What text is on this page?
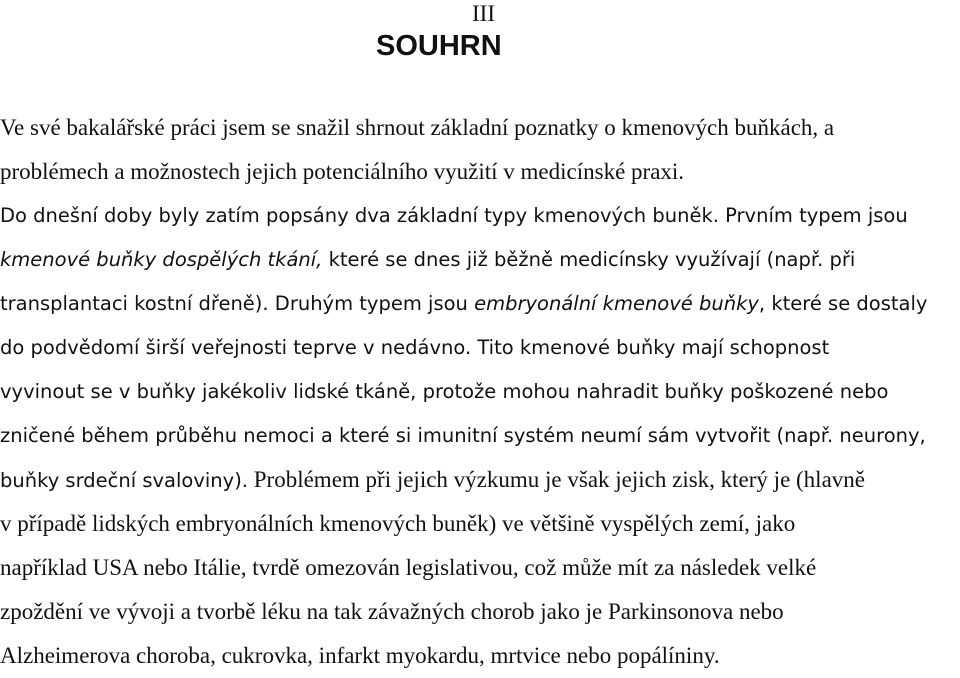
III
SOUHRN
Ve své bakalářské práci jsem se snažil shrnout základní poznatky o kmenových buňkách, a
problémech a možnostech jejich potenciálního využití v medicínské praxi.
Do dnešní doby byly zatím popsány dva základní typy kmenových buněk. Prvním typem jsou
kmenové buňky dospělých tkání, které se dnes již běžně medicínsky využívají (např. při
transplantaci kostní dřeně). Druhým typem jsou embryonální kmenové buňky, které se dostaly
do podvědomí širší veřejnosti teprve v nedávno. Tito kmenové buňky mají schopnost
vyvinout se v buňky jakékoliv lidské tkáně, protože mohou nahradit buňky poškozené nebo
zničené během průběhu nemoci a které si imunitní systém neumí sám vytvořit (např. neurony,
buňky srdeční svaloviny). Problémem při jejich výzkumu je však jejich zisk, který je (hlavně
v případě lidských embryonálních kmenových buněk) ve většině vyspělých zemí, jako
například USA nebo Itálie, tvrdě omezován legislativou, což může mít za následek velké
zpoždění ve vývoji a tvorbě léku na tak závažných chorob jako je Parkinsonova nebo
Alzheimerova choroba, cukrovka, infarkt myokardu, mrtvice nebo popálíniny.
